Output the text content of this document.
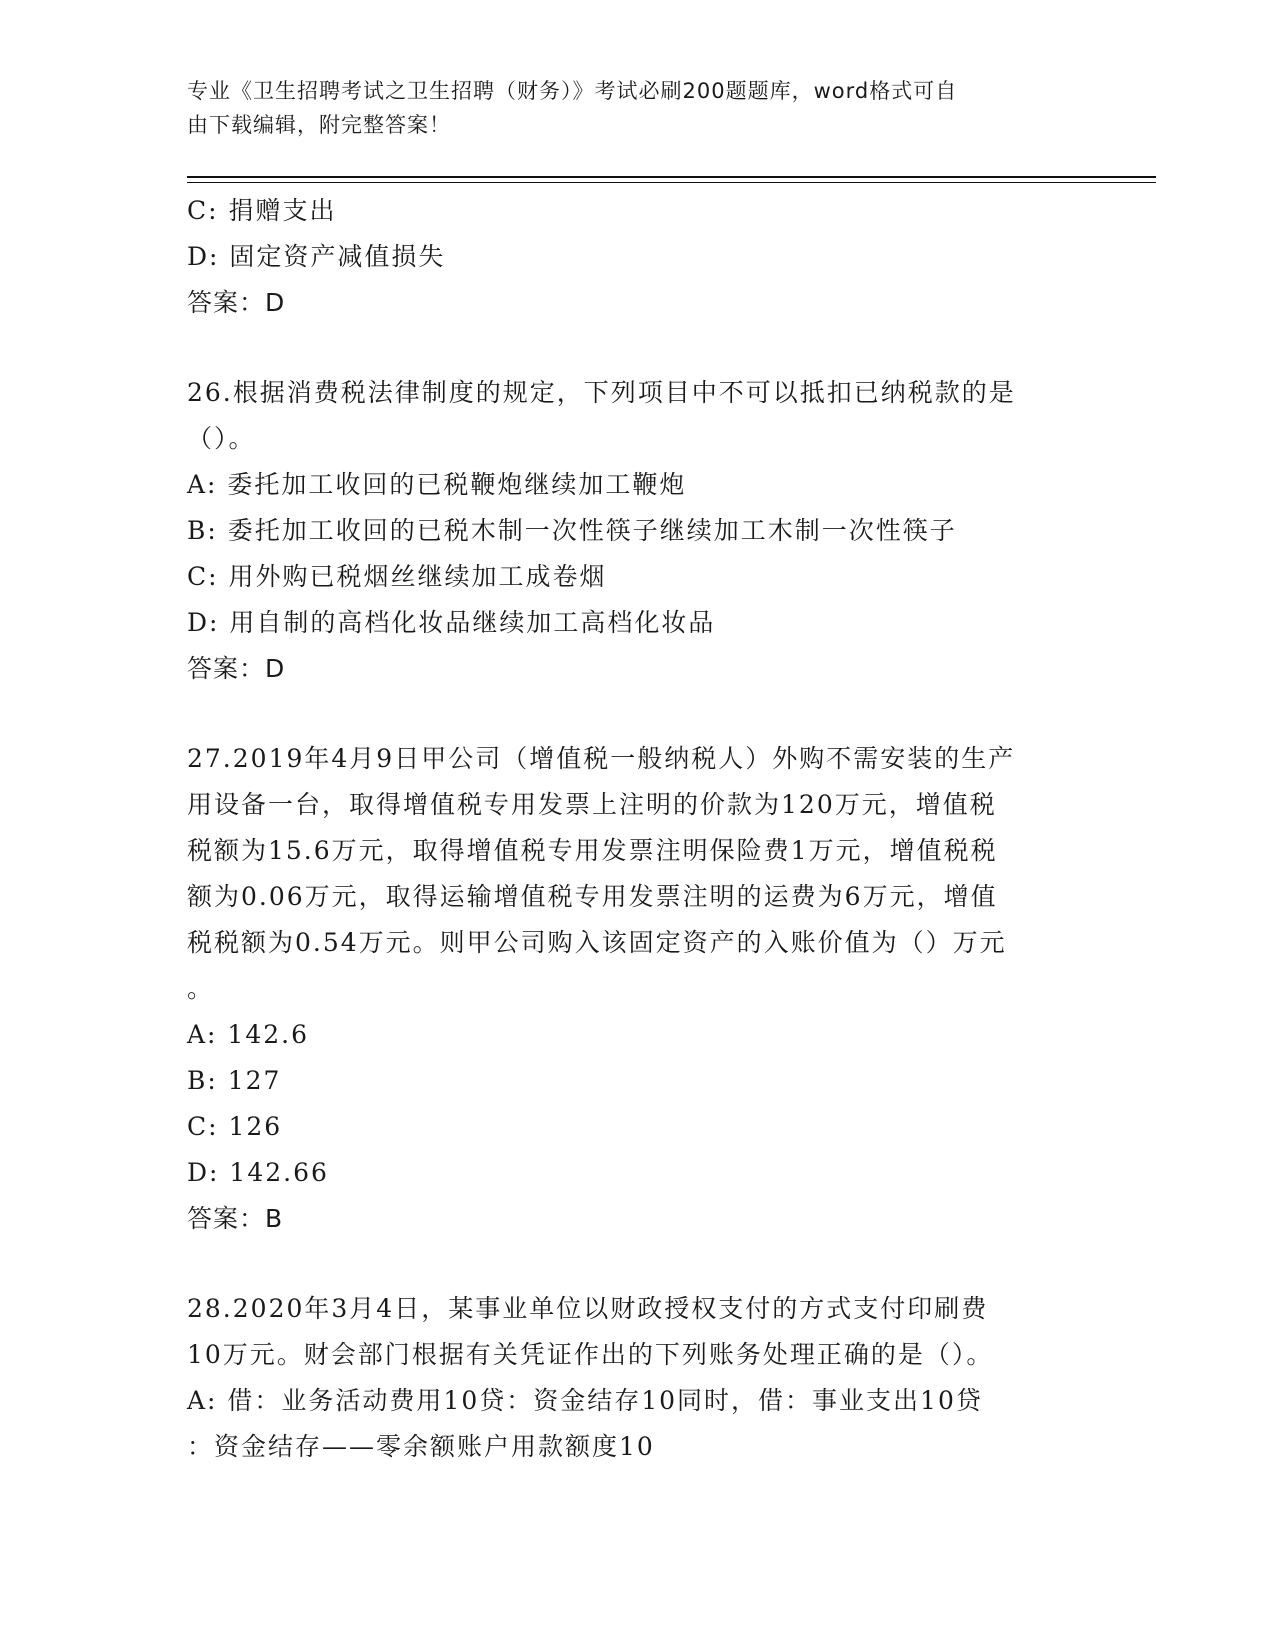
专业《卫生招聘考试之卫生招聘（财务）》考试必刷200题题库，word格式可自
由下载编辑，附完整答案！
C: 捐赠支出
D: 固定资产减值损失
答案：D
26.根据消费税法律制度的规定，下列项目中不可以抵扣已纳税款的是
（）。
A: 委托加工收回的已税鞭炮继续加工鞭炮
B: 委托加工收回的已税木制一次性筷子继续加工木制一次性筷子
C: 用外购已税烟丝继续加工成卷烟
D: 用自制的高档化妆品继续加工高档化妆品
答案：D
27.2019年4月9日甲公司（增值税一般纳税人）外购不需安装的生产
用设备一台，取得增值税专用发票上注明的价款为120万元，增值税
税额为15.6万元，取得增值税专用发票注明保险费1万元，增值税税
额为0.06万元，取得运输增值税专用发票注明的运费为6万元，增值
税税额为0.54万元。则甲公司购入该固定资产的入账价值为（）万元
。
A: 142.6
B: 127
C: 126
D: 142.66
答案：B
28.2020年3月4日，某事业单位以财政授权支付的方式支付印刷费
10万元。财会部门根据有关凭证作出的下列账务处理正确的是（）。
A: 借：业务活动费用10贷：资金结存10同时，借：事业支出10贷
：资金结存——零余额账户用款额度10
